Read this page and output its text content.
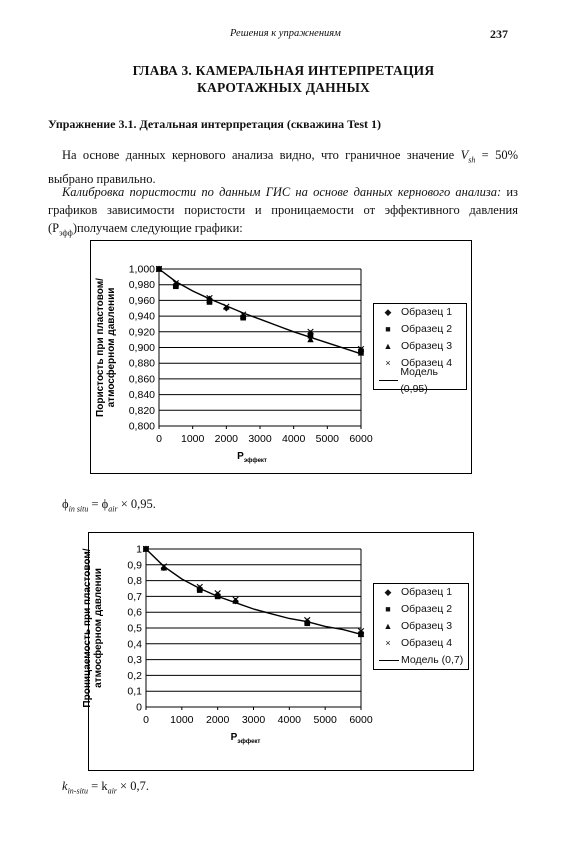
Решения к упражнениям	237
ГЛАВА 3. КАМЕРАЛЬНАЯ ИНТЕРПРЕТАЦИЯ
КАРОТАЖНЫХ ДАННЫХ
Упражнение 3.1. Детальная интерпретация (скважина Test 1)
На основе данных кернового анализа видно, что граничное значение $V_{sh} = 50\%$ выбрано правильно.
Калибровка пористости по данным ГИС на основе данных кернового анализа: из графиков зависимости пористости и проницаемости от эффективного давления $(P_{эфф})получаем$ следующие графики:
0,800
0,820
0,840
0,860
0,880
0,900
0,920
0,940
0,960
0,980
1,000
0 1000 2000 3000 4000 5000 6000
$P_{эффект}$
Пористость при пластовом/ атмосферном давлении	◆ Образец 1
■ Образец 2
▲ Образец 3
× Образец 4
Модель (0,95)
$\phi_{in situ} = \phi_{air} \times 0,95$.
0
0,1
0,2
0,3
0,4
0,5
0,6
0,7
0,8
0,9
1
0 1000 2000 3000 4000 5000 6000
$P_{эффект}$
Проницаемость при пластовом/ атмосферном давлении	◆ Образец 1
■ Образец 2
▲ Образец 3
× Образец 4
Модель (0,7)
$k_{in-situ} = k_{air} \times 0,7$.
